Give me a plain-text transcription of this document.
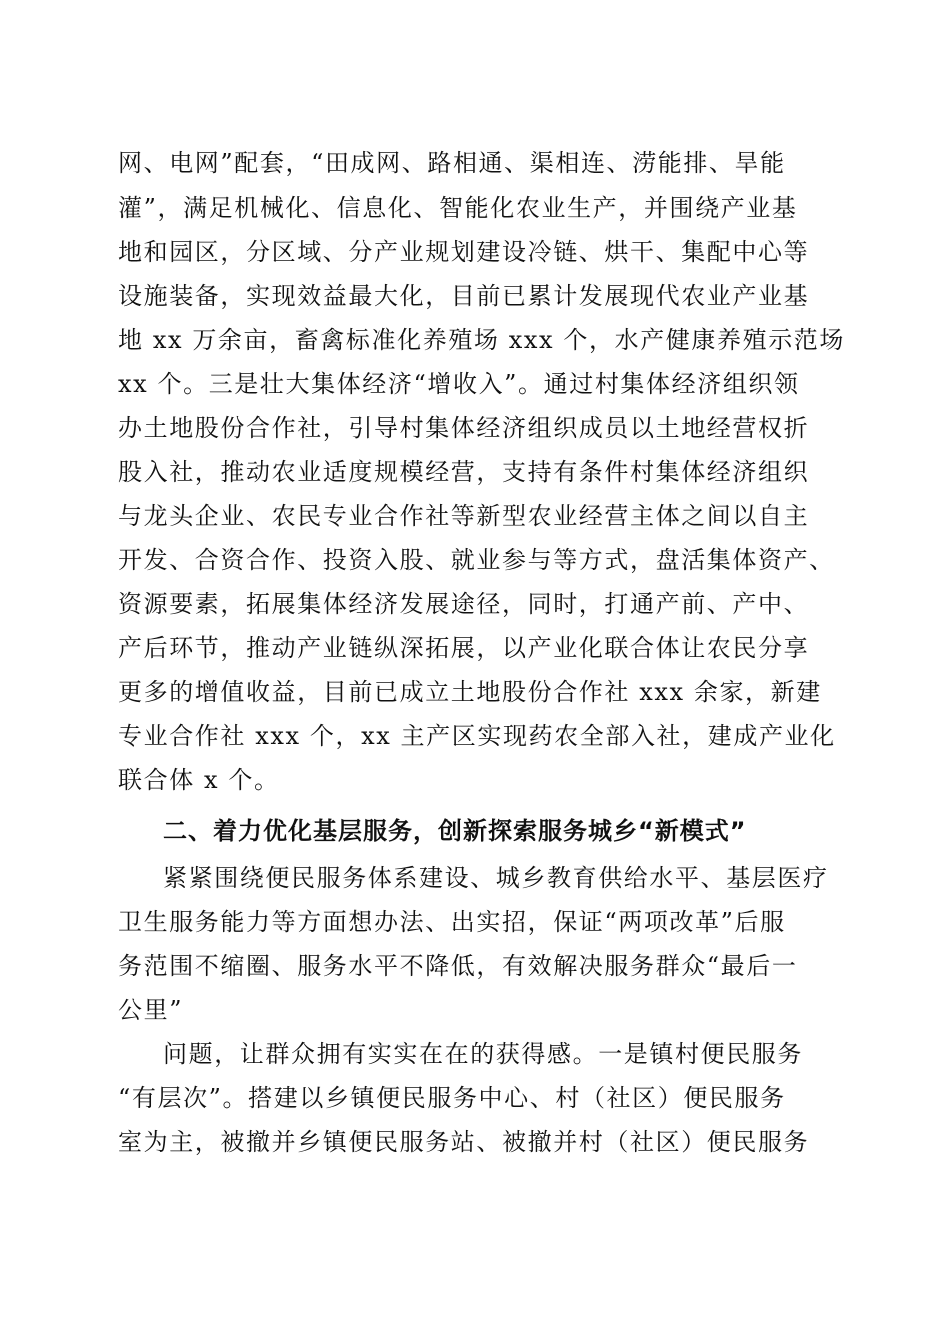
网、电网”配套，“田成网、路相通、渠相连、涝能排、旱能
灌”，满足机械化、信息化、智能化农业生产，并围绕产业基
地和园区，分区域、分产业规划建设冷链、烘干、集配中心等
设施装备，实现效益最大化，目前已累计发展现代农业产业基
地 xx 万余亩，畜禽标准化养殖场 xxx 个，水产健康养殖示范场
xx 个。三是壮大集体经济“增收入”。通过村集体经济组织领
办土地股份合作社，引导村集体经济组织成员以土地经营权折
股入社，推动农业适度规模经营，支持有条件村集体经济组织
与龙头企业、农民专业合作社等新型农业经营主体之间以自主
开发、合资合作、投资入股、就业参与等方式，盘活集体资产、
资源要素，拓展集体经济发展途径，同时，打通产前、产中、
产后环节，推动产业链纵深拓展，以产业化联合体让农民分享
更多的增值收益，目前已成立土地股份合作社 xxx 余家，新建
专业合作社 xxx 个，xx 主产区实现药农全部入社，建成产业化
联合体 x 个。
二、着力优化基层服务，创新探索服务城乡“新模式”
紧紧围绕便民服务体系建设、城乡教育供给水平、基层医疗
卫生服务能力等方面想办法、出实招，保证“两项改革”后服
务范围不缩圈、服务水平不降低，有效解决服务群众“最后一
公里”
问题，让群众拥有实实在在的获得感。一是镇村便民服务
“有层次”。搭建以乡镇便民服务中心、村（社区）便民服务
室为主，被撤并乡镇便民服务站、被撤并村（社区）便民服务
